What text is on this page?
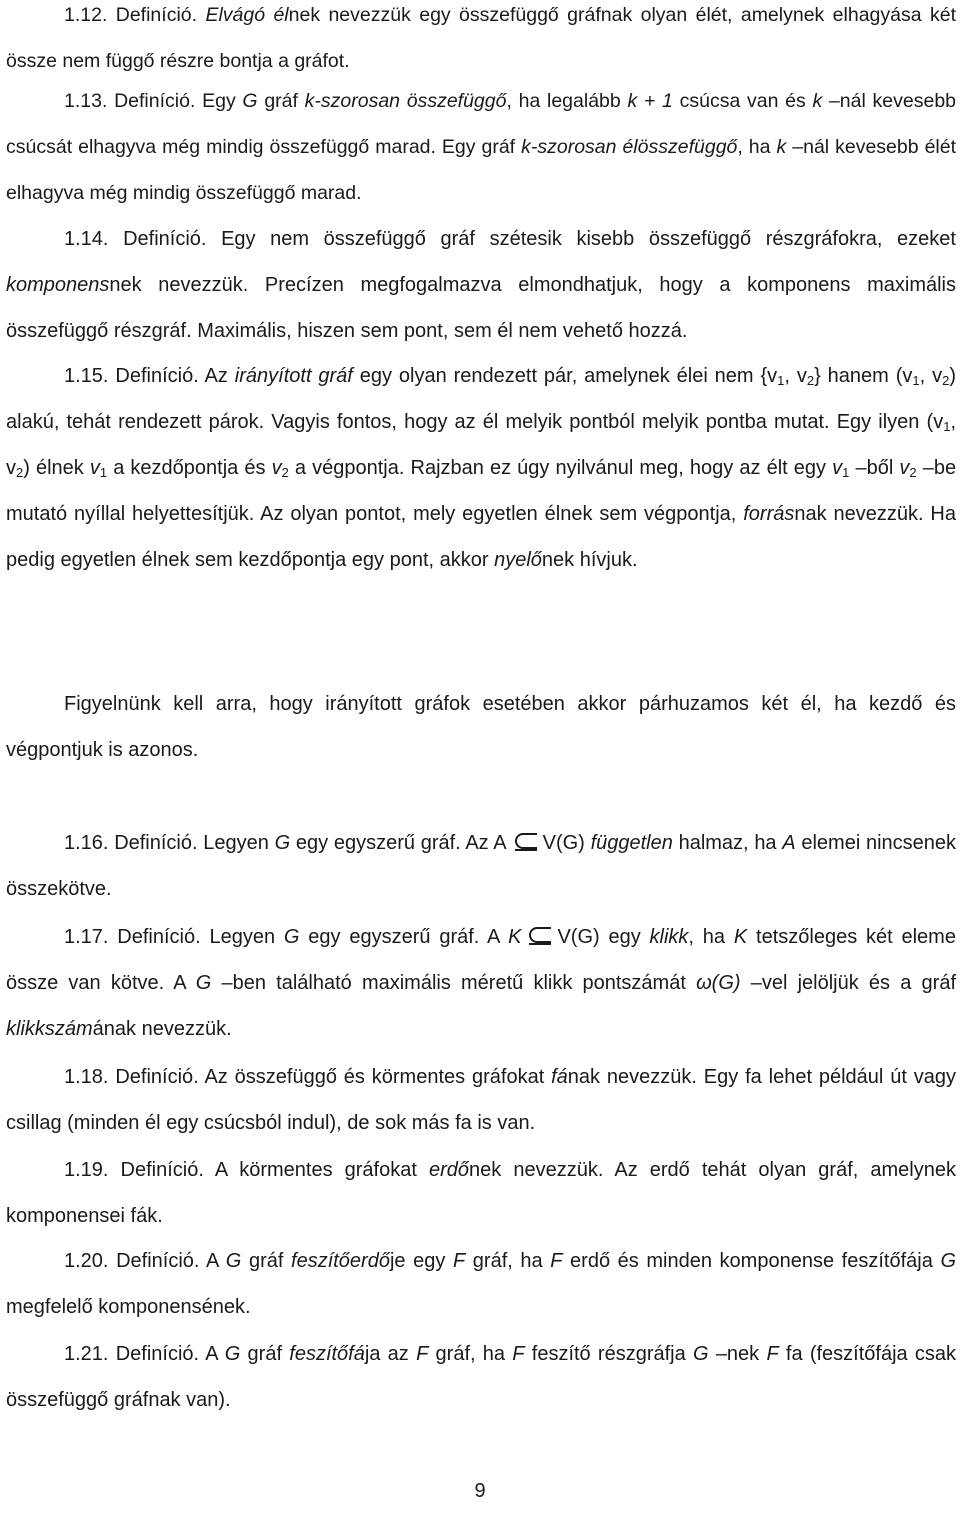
1.12. Definíció. Elvágó élnek nevezzük egy összefüggő gráfnak olyan élét, amelynek elhagyása két össze nem függő részre bontja a gráfot.

1.13. Definíció. Egy G gráf k-szorosan összefüggő, ha legalább k + 1 csúcsa van és k –nál kevesebb csúcsát elhagyva még mindig összefüggő marad. Egy gráf k-szorosan élösszefüggő, ha k –nál kevesebb élét elhagyva még mindig összefüggő marad.

1.14. Definíció. Egy nem összefüggő gráf szétesik kisebb összefüggő részgráfokra, ezeket komponensnek nevezzük. Precízen megfogalmazva elmondhatjuk, hogy a komponens maximális összefüggő részgráf. Maximális, hiszen sem pont, sem él nem vehető hozzá.

1.15. Definíció. Az irányított gráf egy olyan rendezett pár, amelynek élei nem {$v_1$, $v_2$} hanem ($v_1$, $v_2$) alakú, tehát rendezett párok. Vagyis fontos, hogy az él melyik pontból melyik pontba mutat. Egy ilyen ($v_1$, $v_2$) élnek $v_1$ a kezdőpontja és $v_2$ a végpontja. Rajzban ez úgy nyilvánul meg, hogy az élt egy $v_1$ –ből $v_2$ –be mutató nyíllal helyettesítjük. Az olyan pontot, mely egyetlen élnek sem végpontja, forrásnak nevezzük. Ha pedig egyetlen élnek sem kezdőpontja egy pont, akkor nyelőnek hívjuk.

Figyelnünk kell arra, hogy irányított gráfok esetében akkor párhuzamos két él, ha kezdő és végpontjuk is azonos.

1.16. Definíció. Legyen G egy egyszerű gráf. Az A V(G) független halmaz, ha A elemei nincsenek összekötve.

1.17. Definíció. Legyen G egy egyszerű gráf. A K V(G) egy klikk, ha K tetszőleges két eleme össze van kötve. A G –ben található maximális méretű klikk pontszámát ω(G) –vel jelöljük és a gráf klikkszámának nevezzük.

1.18. Definíció. Az összefüggő és körmentes gráfokat fának nevezzük. Egy fa lehet például út vagy csillag (minden él egy csúcsból indul), de sok más fa is van.

1.19. Definíció. A körmentes gráfokat erdőnek nevezzük. Az erdő tehát olyan gráf, amelynek komponensei fák.

1.20. Definíció. A G gráf feszítőerdője egy F gráf, ha F erdő és minden komponense feszítőfája G megfelelő komponensének.

1.21. Definíció. A G gráf feszítőfája az F gráf, ha F feszítő részgráfja G –nek F fa (feszítőfája csak összefüggő gráfnak van).

9
